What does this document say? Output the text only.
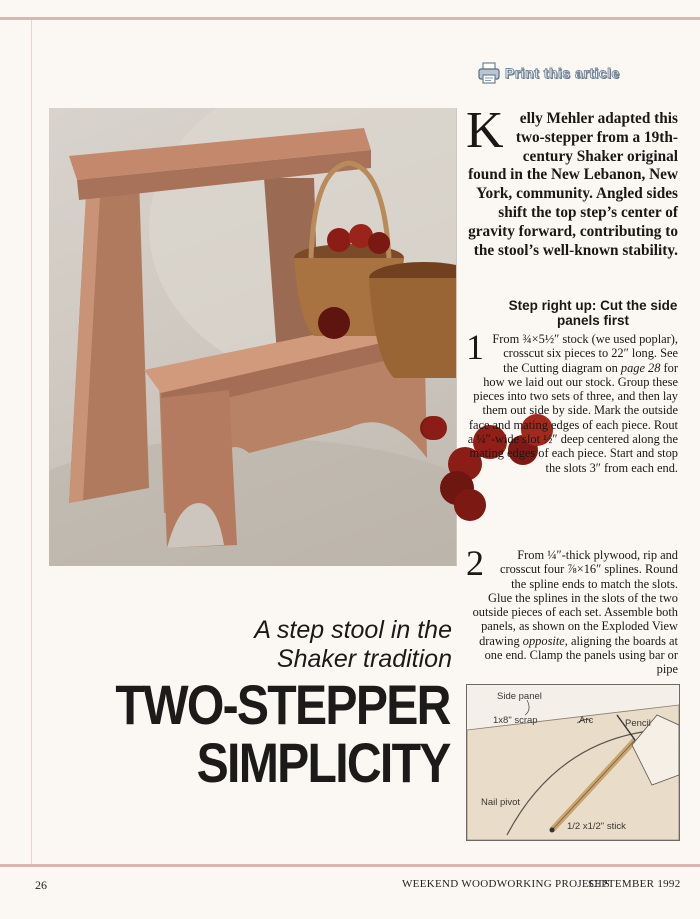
Print this article

K elly Mehler adapted this two-stepper from a 19th-century Shaker original found in the New Lebanon, New York, community. Angled sides shift the top step’s center of gravity forward, contributing to the stool’s well-known stability.

Step right up: Cut the side panels first

1 From ¾×5½″ stock (we used poplar), crosscut six pieces to 22″ long. See the Cutting diagram on page 28 for how we laid out our stock. Group these pieces into two sets of three, and then lay them out side by side. Mark the outside face and mating edges of each piece. Rout a ¼″-wide slot ½″ deep centered along the mating edges of each piece. Start and stop the slots 3″ from each end.

2	From ¼″-thick plywood, rip and crosscut four ⅞×16″ splines. Round the spline ends to match the slots. Glue the splines in the slots of the two outside pieces of each set. Assemble both panels, as shown on the Exploded View drawing opposite, aligning the boards at one end. Clamp the panels using bar or pipe

A step stool in the
Shaker tradition

TWO-STEPPER
SIMPLICITY
Side panel
1x8" scrap	Arc	Pencil
Nail pivot
1/2 x1/2" stick
26	WEEKEND WOODWORKING PROJECTS
SEPTEMBER 1992
